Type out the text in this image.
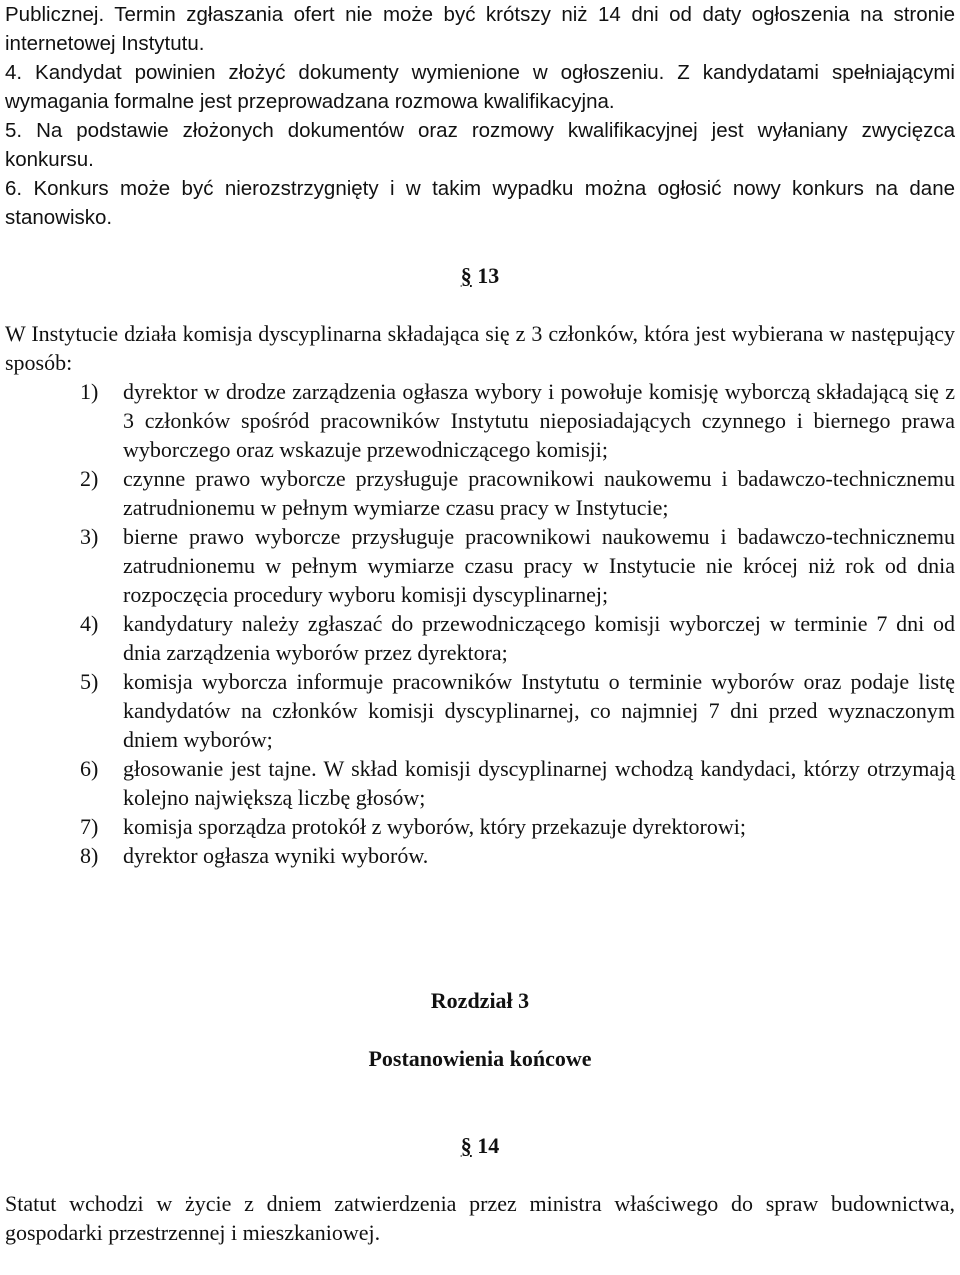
Publicznej. Termin zgłaszania ofert nie może być krótszy niż 14 dni od daty ogłoszenia na stronie internetowej Instytutu.

4. Kandydat powinien złożyć dokumenty wymienione w ogłoszeniu. Z kandydatami spełniającymi wymagania formalne jest przeprowadzana rozmowa kwalifikacyjna.

5. Na podstawie złożonych dokumentów oraz rozmowy kwalifikacyjnej jest wyłaniany zwycięzca konkursu.

6. Konkurs może być nierozstrzygnięty i w takim wypadku można ogłosić nowy konkurs na dane stanowisko.

§ 13

W Instytucie działa komisja dyscyplinarna składająca się z 3 członków, która jest wybierana w następujący sposób:

1)	dyrektor w drodze zarządzenia ogłasza wybory i powołuje komisję wyborczą składającą się z 3 członków spośród pracowników Instytutu nieposiadających czynnego i biernego prawa wyborczego oraz wskazuje przewodniczącego komisji;
2)	czynne prawo wyborcze przysługuje pracownikowi naukowemu i badawczo-technicznemu zatrudnionemu w pełnym wymiarze czasu pracy w Instytucie;
3)	bierne prawo wyborcze przysługuje pracownikowi naukowemu i badawczo-technicznemu zatrudnionemu w pełnym wymiarze czasu pracy w Instytucie nie krócej niż rok od dnia rozpoczęcia procedury wyboru komisji dyscyplinarnej;
4)	kandydatury należy zgłaszać do przewodniczącego komisji wyborczej w terminie 7 dni od dnia zarządzenia wyborów przez dyrektora;
5)	komisja wyborcza informuje pracowników Instytutu o terminie wyborów oraz podaje listę kandydatów na członków komisji dyscyplinarnej, co najmniej 7 dni przed wyznaczonym dniem wyborów;
6)	głosowanie jest tajne. W skład komisji dyscyplinarnej wchodzą kandydaci, którzy otrzymają kolejno największą liczbę głosów;
7)	komisja sporządza protokół z wyborów, który przekazuje dyrektorowi;
8)	dyrektor ogłasza wyniki wyborów.
Rozdział 3
Postanowienia końcowe
§ 14

Statut wchodzi w życie z dniem zatwierdzenia przez ministra właściwego do spraw budownictwa, gospodarki przestrzennej i mieszkaniowej.
